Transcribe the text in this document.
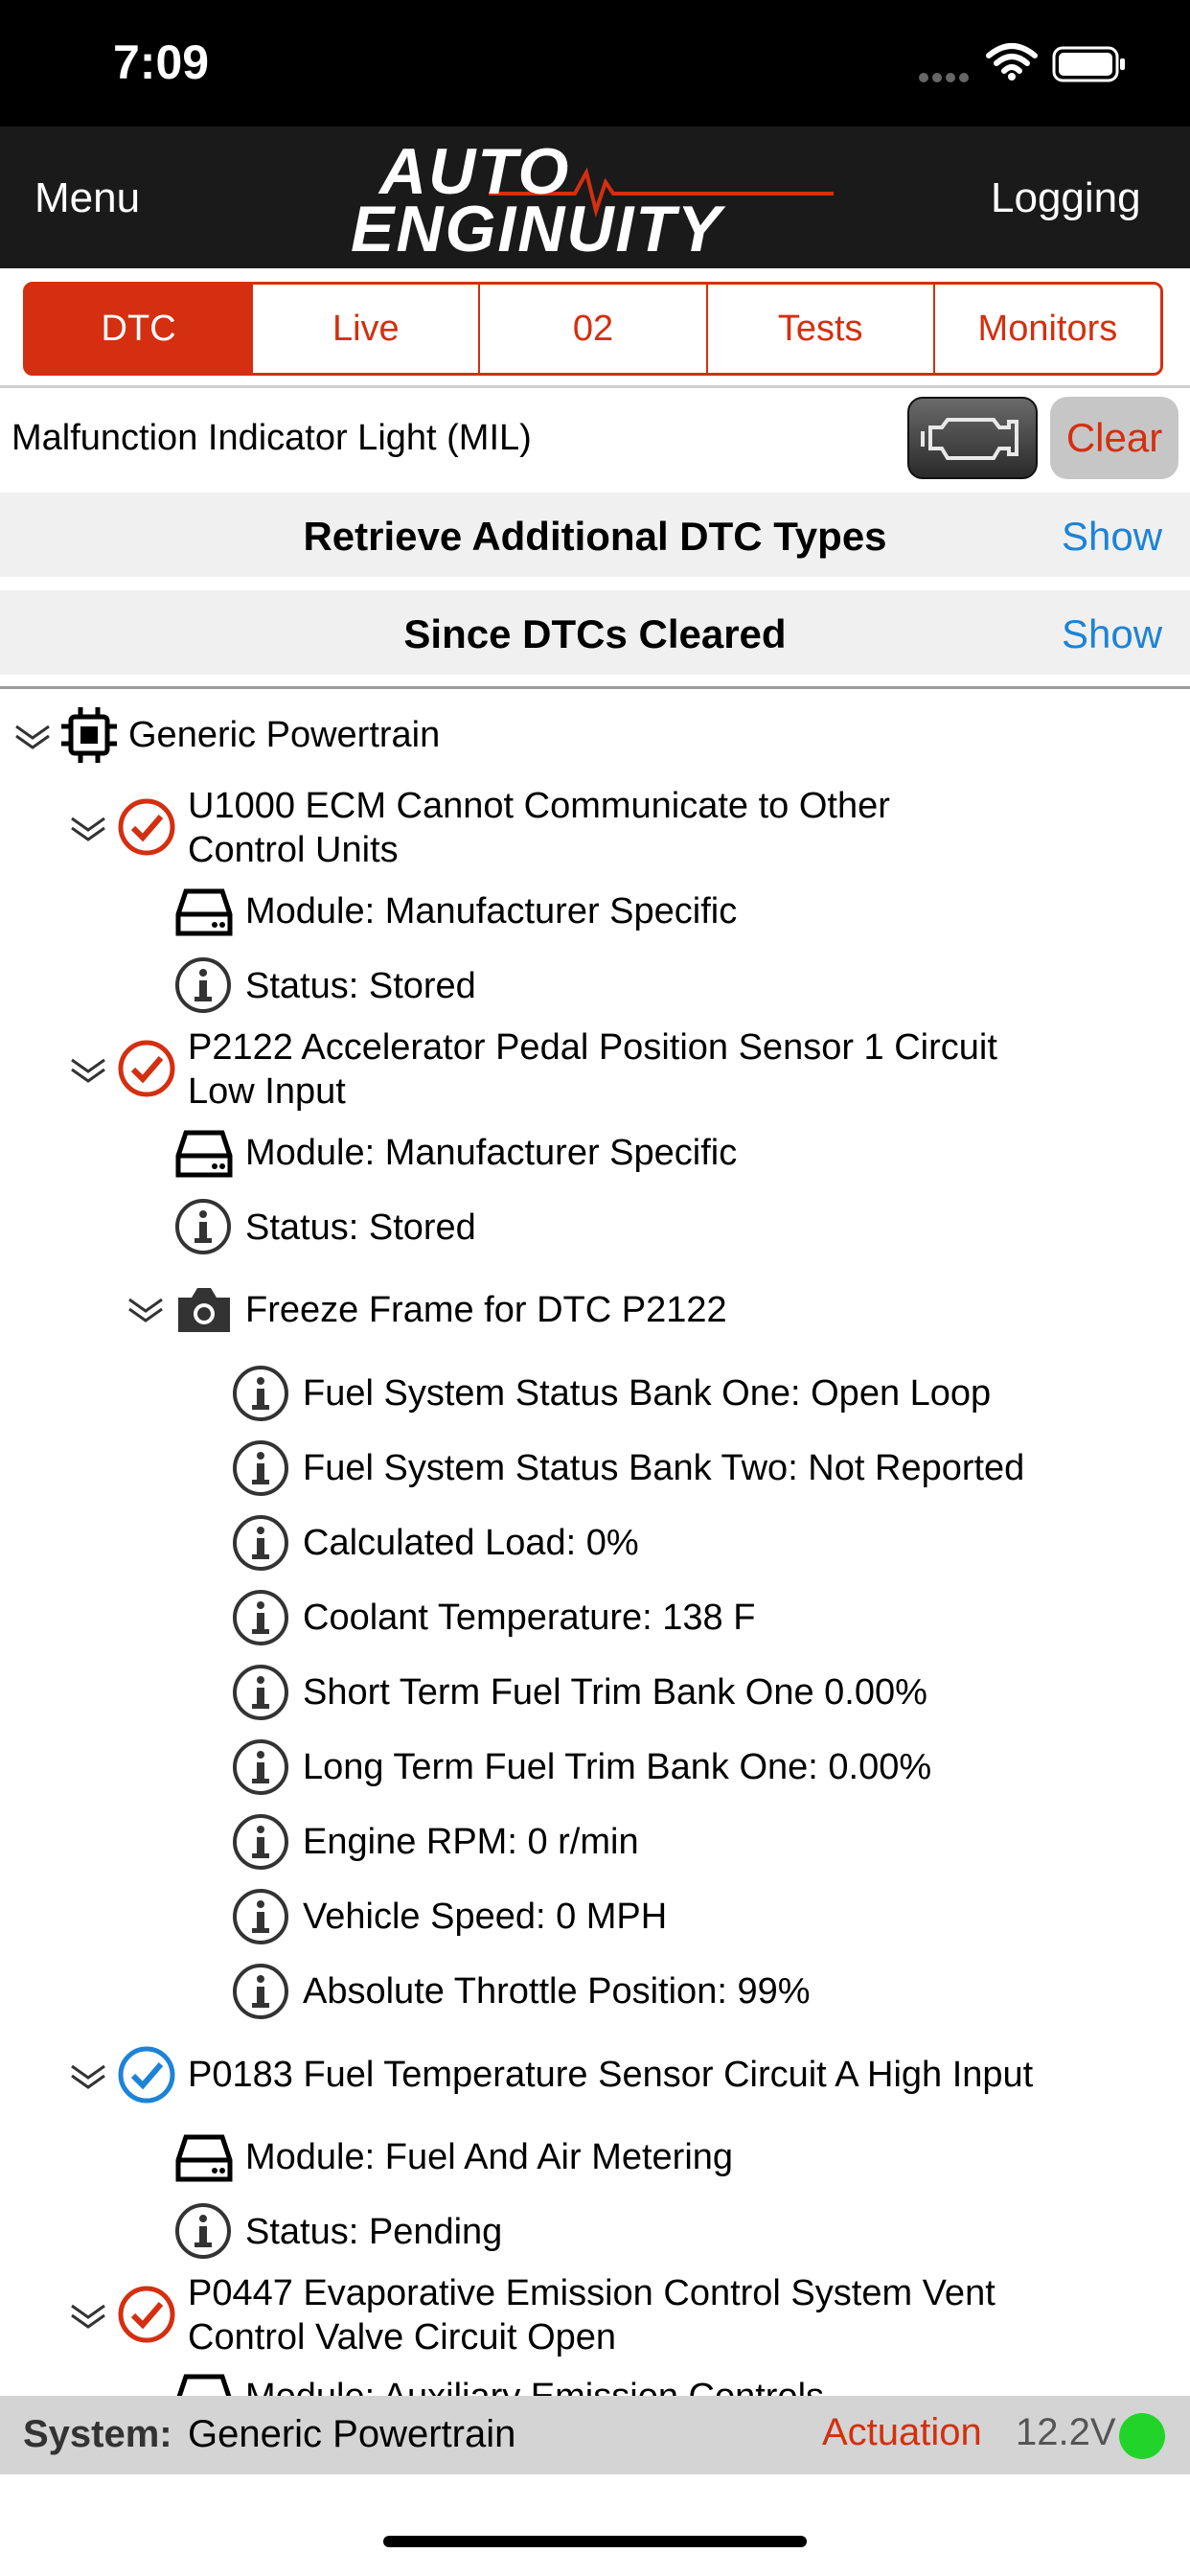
7:09
Menu	AUTO
ENGINUITY	Logging
DTC	Live	02	Tests	Monitors
Malfunction Indicator Light (MIL)	Clear
Retrieve Additional DTC Types	Show
Since DTCs Cleared	Show
Generic Powertrain
U1000 ECM Cannot Communicate to Other
Control Units
Module: Manufacturer Specific
Status: Stored
P2122 Accelerator Pedal Position Sensor 1 Circuit
Low Input
Module: Manufacturer Specific
Status: Stored
Freeze Frame for DTC P2122
Fuel System Status Bank One: Open Loop
Fuel System Status Bank Two: Not Reported
Calculated Load: 0%
Coolant Temperature: 138 F
Short Term Fuel Trim Bank One 0.00%
Long Term Fuel Trim Bank One: 0.00%
Engine RPM: 0 r/min
Vehicle Speed: 0 MPH
Absolute Throttle Position: 99%
P0183 Fuel Temperature Sensor Circuit A High Input
Module: Fuel And Air Metering
Status: Pending
P0447 Evaporative Emission Control System Vent
Control Valve Circuit Open
System: Generic Powertrain	Actuation 12.2V
